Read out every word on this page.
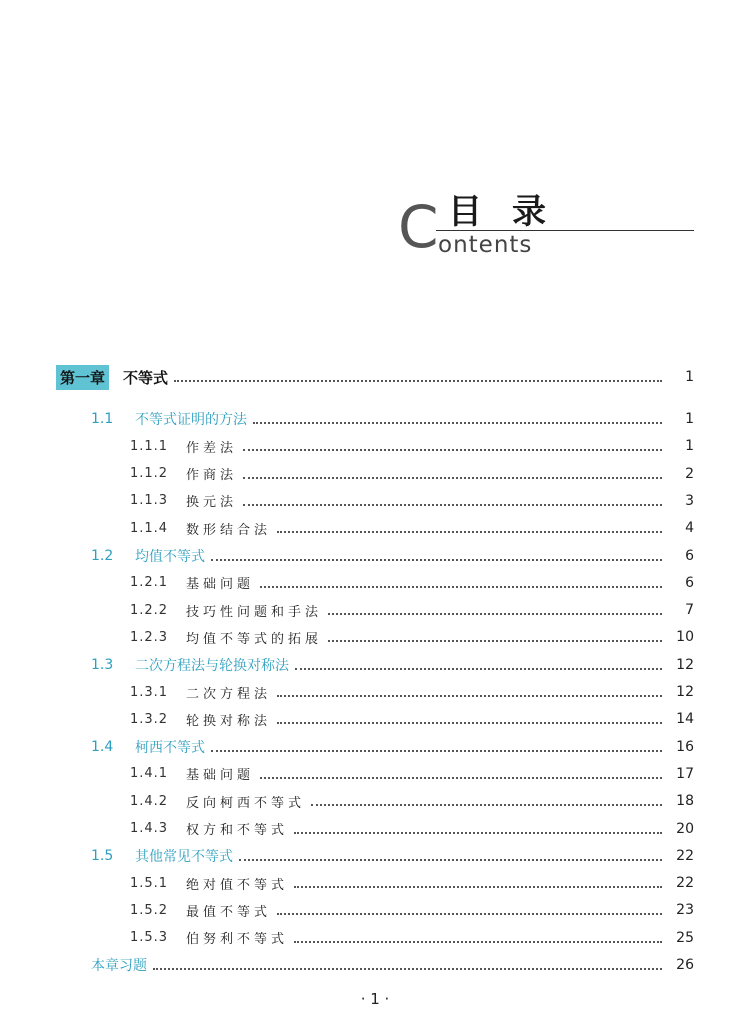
C 目录
ontents
第一章 不等式	1
1.1	不等式证明的方法	1
1.1.1	作差法	1
1.1.2	作商法	2
1.1.3	换元法	3
1.1.4	数形结合法	4
1.2	均值不等式	6
1.2.1	基础问题	6
1.2.2	技巧性问题和手法	7
1.2.3	均值不等式的拓展	10
1.3	二次方程法与轮换对称法	12
1.3.1	二次方程法	12
1.3.2	轮换对称法	14
1.4	柯西不等式	16
1.4.1	基础问题	17
1.4.2	反向柯西不等式	18
1.4.3	权方和不等式	20
1.5	其他常见不等式	22
1.5.1	绝对值不等式	22
1.5.2	最值不等式	23
1.5.3	伯努利不等式	25
本章习题	26
· 1 ·
